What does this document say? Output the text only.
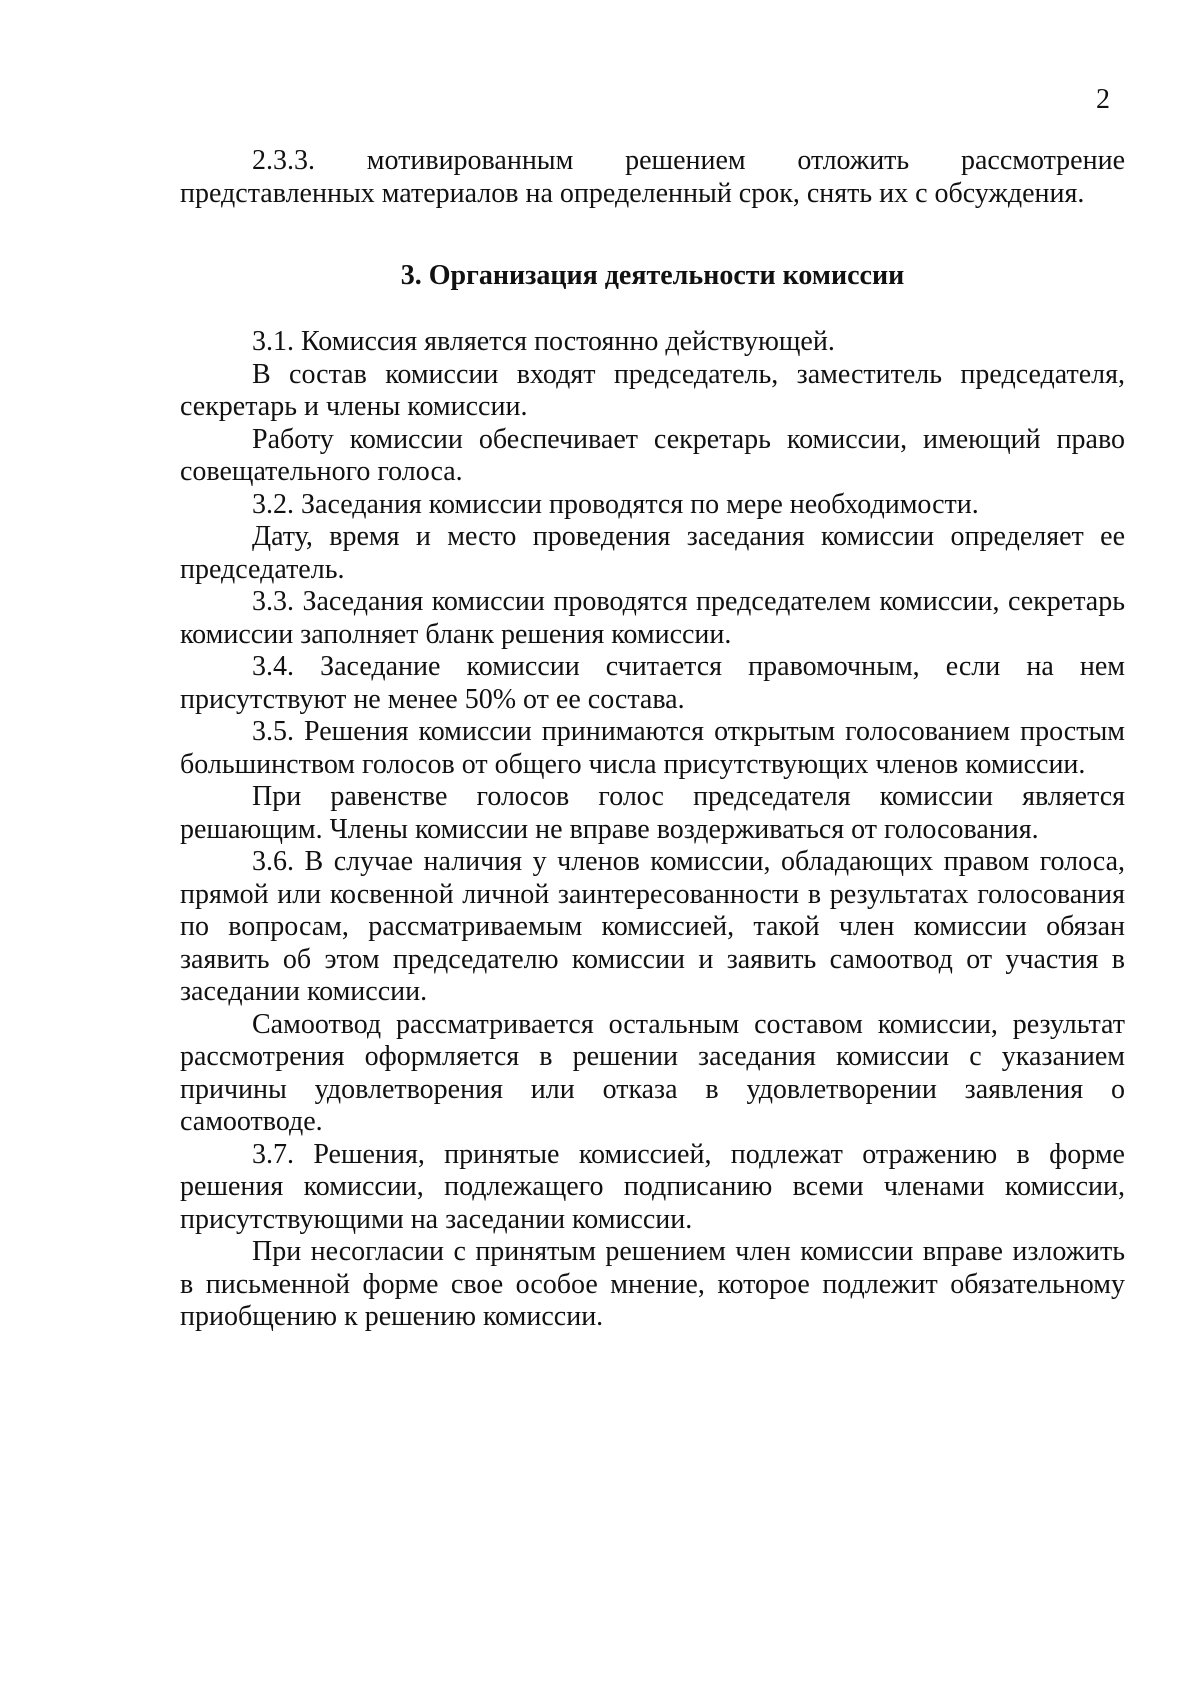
2

2.3.3. мотивированным решением отложить рассмотрение представленных материалов на определенный срок, снять их с обсуждения.

3. Организация деятельности комиссии

3.1. Комиссия является постоянно действующей.

В состав комиссии входят председатель, заместитель председателя, секретарь и члены комиссии.

Работу комиссии обеспечивает секретарь комиссии, имеющий право совещательного голоса.

3.2. Заседания комиссии проводятся по мере необходимости.

Дату, время и место проведения заседания комиссии определяет ее председатель.

3.3. Заседания комиссии проводятся председателем комиссии, секретарь комиссии заполняет бланк решения комиссии.

3.4. Заседание комиссии считается правомочным, если на нем присутствуют не менее 50% от ее состава.

3.5. Решения комиссии принимаются открытым голосованием простым большинством голосов от общего числа присутствующих членов комиссии.

При равенстве голосов голос председателя комиссии является решающим. Члены комиссии не вправе воздерживаться от голосования.

3.6. В случае наличия у членов комиссии, обладающих правом голоса, прямой или косвенной личной заинтересованности в результатах голосования по вопросам, рассматриваемым комиссией, такой член комиссии обязан заявить об этом председателю комиссии и заявить самоотвод от участия в заседании комиссии.

Самоотвод рассматривается остальным составом комиссии, результат рассмотрения оформляется в решении заседания комиссии с указанием причины удовлетворения или отказа в удовлетворении заявления о самоотводе.

3.7. Решения, принятые комиссией, подлежат отражению в форме решения комиссии, подлежащего подписанию всеми членами комиссии, присутствующими на заседании комиссии.

При несогласии с принятым решением член комиссии вправе изложить в письменной форме свое особое мнение, которое подлежит обязательному приобщению к решению комиссии.
